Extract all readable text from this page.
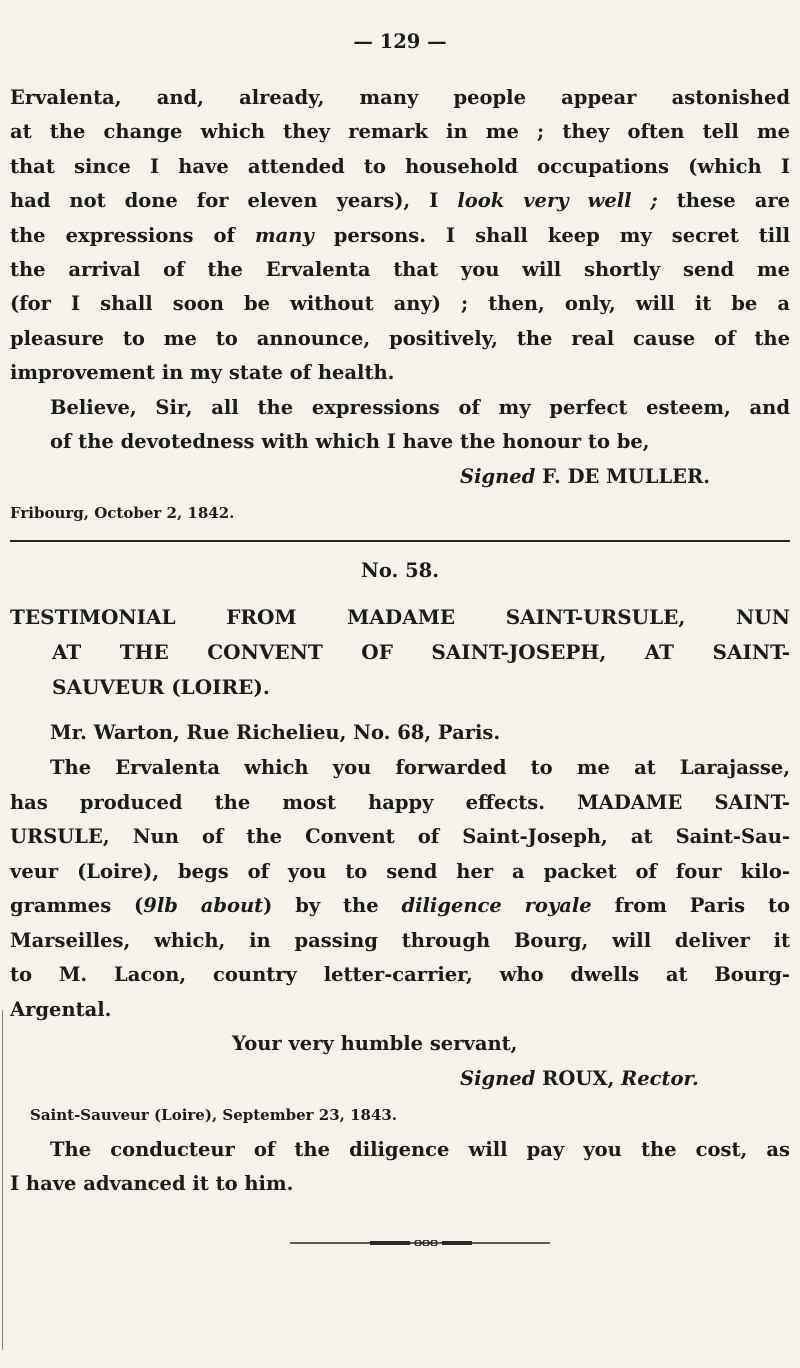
— 129 —
Ervalenta, and, already, many people appear astonished
at the change which they remark in me ; they often tell me
that since I have attended to household occupations (which I
had not done for eleven years), I look very well ; these are
the expressions of many persons. I shall keep my secret till
the arrival of the Ervalenta that you will shortly send me
(for I shall soon be without any) ; then, only, will it be a
pleasure to me to announce, positively, the real cause of the
improvement in my state of health.
Believe, Sir, all the expressions of my perfect esteem, and
of the devotedness with which I have the honour to be,
Signed F. DE MULLER.
Fribourg, October 2, 1842.
No. 58.
TESTIMONIAL FROM MADAME SAINT-URSULE, NUN
AT THE CONVENT OF SAINT-JOSEPH, AT SAINT-
SAUVEUR (LOIRE).
Mr. Warton, Rue Richelieu, No. 68, Paris.
The Ervalenta which you forwarded to me at Larajasse,
has produced the most happy effects. MADAME SAINT-
URSULE, Nun of the Convent of Saint-Joseph, at Saint-Sau-
veur (Loire), begs of you to send her a packet of four kilo-
grammes (9lb about) by the diligence royale from Paris to
Marseilles, which, in passing through Bourg, will deliver it
to M. Lacon, country letter-carrier, who dwells at Bourg-
Argental.
Your very humble servant,
Signed ROUX, Rector.
Saint-Sauveur (Loire), September 23, 1843.
The conducteur of the diligence will pay you the cost, as
I have advanced it to him.
